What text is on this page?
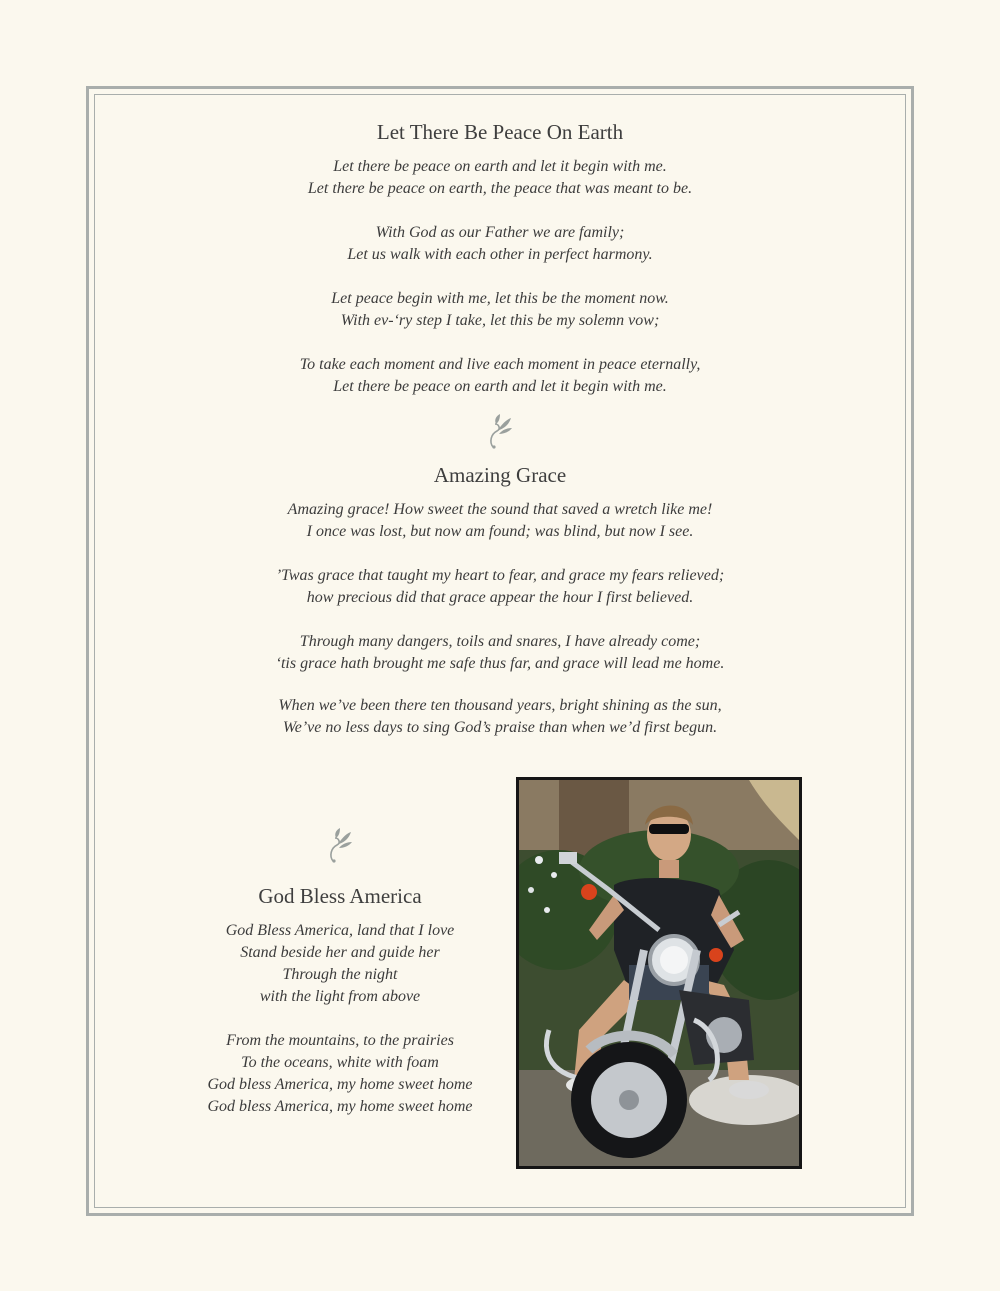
Let There Be Peace On Earth
Let there be peace on earth and let it begin with me.
Let there be peace on earth, the peace that was meant to be.
With God as our Father we are family;
Let us walk with each other in perfect harmony.
Let peace begin with me, let this be the moment now.
With ev-‘ry step I take, let this be my solemn vow;
To take each moment and live each moment in peace eternally,
Let there be peace on earth and let it begin with me.
Amazing Grace
Amazing grace! How sweet the sound that saved a wretch like me!
I once was lost, but now am found; was blind, but now I see.
’Twas grace that taught my heart to fear, and grace my fears relieved;
how precious did that grace appear the hour I first believed.
Through many dangers, toils and snares, I have already come;
‘tis grace hath brought me safe thus far, and grace will lead me home.
When we’ve been there ten thousand years, bright shining as the sun,
We’ve no less days to sing God’s praise than when we’d first begun.
God Bless America
God Bless America, land that I love
Stand beside her and guide her
Through the night
with the light from above
From the mountains, to the prairies
To the oceans, white with foam
God bless America, my home sweet home
God bless America, my home sweet home
